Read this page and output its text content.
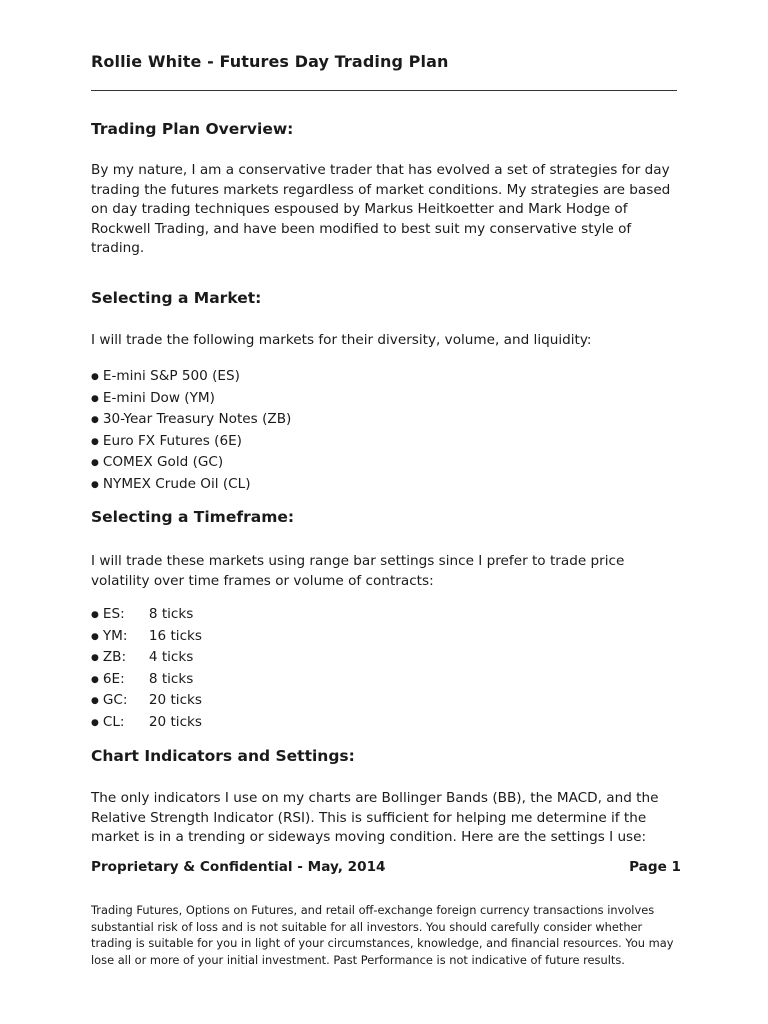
Rollie White - Futures Day Trading Plan
Trading Plan Overview:

By my nature, I am a conservative trader that has evolved a set of strategies for day trading the futures markets regardless of market conditions. My strategies are based on day trading techniques espoused by Markus Heitkoetter and Mark Hodge of Rockwell Trading, and have been modified to best suit my conservative style of trading.

Selecting a Market:

I will trade the following markets for their diversity, volume, and liquidity:

● E-mini S&P 500 (ES)
● E-mini Dow (YM)
● 30-Year Treasury Notes (ZB)
● Euro FX Futures (6E)
● COMEX Gold (GC)
● NYMEX Crude Oil (CL)
Selecting a Timeframe:

I will trade these markets using range bar settings since I prefer to trade price volatility over time frames or volume of contracts:

● ES: 8 ticks
● YM: 16 ticks
● ZB: 4 ticks
● 6E: 8 ticks
● GC: 20 ticks
● CL: 20 ticks
Chart Indicators and Settings:

The only indicators I use on my charts are Bollinger Bands (BB), the MACD, and the Relative Strength Indicator (RSI). This is sufficient for helping me determine if the market is in a trending or sideways moving condition. Here are the settings I use:

Proprietary & Confidential - May, 2014	Page 1

Trading Futures, Options on Futures, and retail off-exchange foreign currency transactions involves substantial risk of loss and is not suitable for all investors. You should carefully consider whether trading is suitable for you in light of your circumstances, knowledge, and financial resources. You may lose all or more of your initial investment. Past Performance is not indicative of future results.
